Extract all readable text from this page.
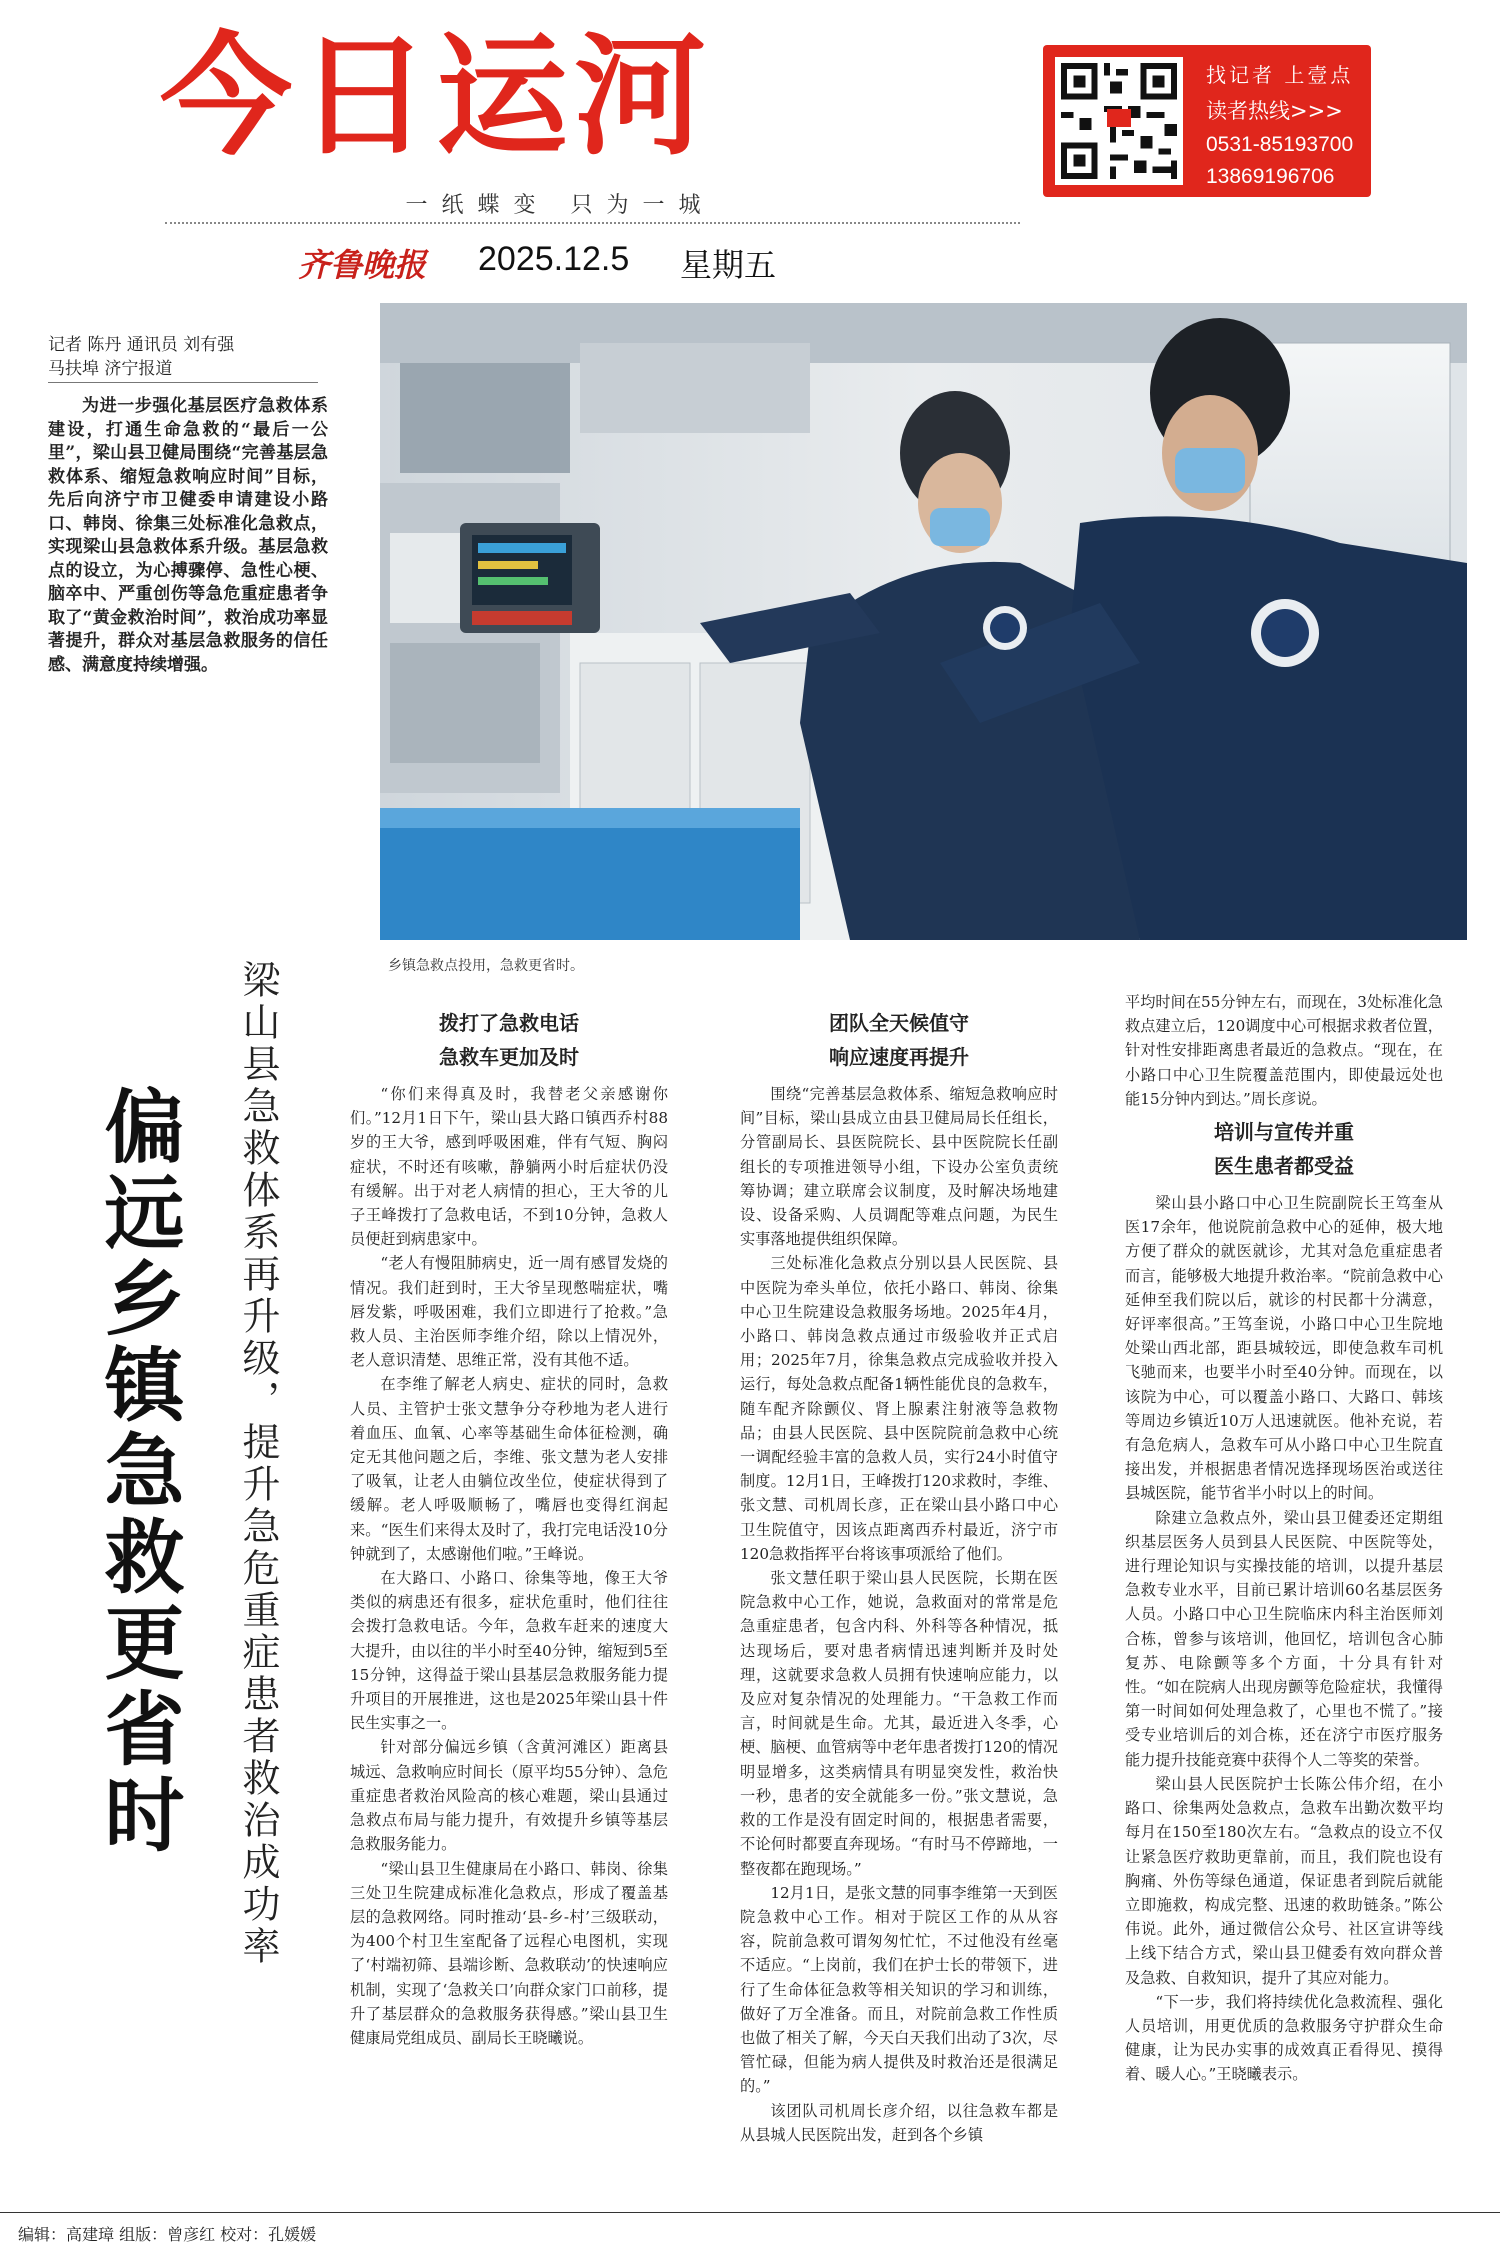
今日运河
一纸蝶变 只为一城
齐鲁晚报 2025.12.5 星期五
找记者 上壹点
读者热线>>>
0531-85193700
13869196706
记者 陈丹 通讯员 刘有强
马扶埠 济宁报道
为进一步强化基层医疗急救体系建设，打通生命急救的“最后一公里”，梁山县卫健局围绕“完善基层急救体系、缩短急救响应时间”目标，先后向济宁市卫健委申请建设小路口、韩岗、徐集三处标准化急救点，实现梁山县急救体系升级。基层急救点的设立，为心搏骤停、急性心梗、脑卒中、严重创伤等急危重症患者争取了“黄金救治时间”，救治成功率显著提升，群众对基层急救服务的信任感、满意度持续增强。
乡镇急救点投用，急救更省时。
梁山县急救体系再升级，提升急危重症患者救治成功率
偏远乡镇急救更省时
拨打了急救电话
急救车更加及时

“你们来得真及时，我替老父亲感谢你们。”12月1日下午，梁山县大路口镇西乔村88岁的王大爷，感到呼吸困难，伴有气短、胸闷症状，不时还有咳嗽，静躺两小时后症状仍没有缓解。出于对老人病情的担心，王大爷的儿子王峰拨打了急救电话，不到10分钟，急救人员便赶到病患家中。

“老人有慢阻肺病史，近一周有感冒发烧的情况。我们赶到时，王大爷呈现憋喘症状，嘴唇发紫，呼吸困难，我们立即进行了抢救。”急救人员、主治医师李维介绍，除以上情况外，老人意识清楚、思维正常，没有其他不适。

在李维了解老人病史、症状的同时，急救人员、主管护士张文慧争分夺秒地为老人进行着血压、血氧、心率等基础生命体征检测，确定无其他问题之后，李维、张文慧为老人安排了吸氧，让老人由躺位改坐位，使症状得到了缓解。老人呼吸顺畅了，嘴唇也变得红润起来。“医生们来得太及时了，我打完电话没10分钟就到了，太感谢他们啦。”王峰说。

在大路口、小路口、徐集等地，像王大爷类似的病患还有很多，症状危重时，他们往往会拨打急救电话。今年，急救车赶来的速度大大提升，由以往的半小时至40分钟，缩短到5至15分钟，这得益于梁山县基层急救服务能力提升项目的开展推进，这也是2025年梁山县十件民生实事之一。

针对部分偏远乡镇（含黄河滩区）距离县城远、急救响应时间长（原平均55分钟）、急危重症患者救治风险高的核心难题，梁山县通过急救点布局与能力提升，有效提升乡镇等基层急救服务能力。

“梁山县卫生健康局在小路口、韩岗、徐集三处卫生院建成标准化急救点，形成了覆盖基层的急救网络。同时推动‘县-乡-村’三级联动，为400个村卫生室配备了远程心电图机，实现了‘村端初筛、县端诊断、急救联动’的快速响应机制，实现了‘急救关口’向群众家门口前移，提升了基层群众的急救服务获得感。”梁山县卫生健康局党组成员、副局长王晓曦说。

团队全天候值守
响应速度再提升

围绕“完善基层急救体系、缩短急救响应时间”目标，梁山县成立由县卫健局局长任组长，分管副局长、县医院院长、县中医院院长任副组长的专项推进领导小组，下设办公室负责统筹协调；建立联席会议制度，及时解决场地建设、设备采购、人员调配等难点问题，为民生实事落地提供组织保障。

三处标准化急救点分别以县人民医院、县中医院为牵头单位，依托小路口、韩岗、徐集中心卫生院建设急救服务场地。2025年4月，小路口、韩岗急救点通过市级验收并正式启用；2025年7月，徐集急救点完成验收并投入运行，每处急救点配备1辆性能优良的急救车，随车配齐除颤仪、肾上腺素注射液等急救物品；由县人民医院、县中医院院前急救中心统一调配经验丰富的急救人员，实行24小时值守制度。12月1日，王峰拨打120求救时，李维、张文慧、司机周长彦，正在梁山县小路口中心卫生院值守，因该点距离西乔村最近，济宁市120急救指挥平台将该事项派给了他们。

张文慧任职于梁山县人民医院，长期在医院急救中心工作，她说，急救面对的常常是危急重症患者，包含内科、外科等各种情况，抵达现场后，要对患者病情迅速判断并及时处理，这就要求急救人员拥有快速响应能力，以及应对复杂情况的处理能力。“干急救工作而言，时间就是生命。尤其，最近进入冬季，心梗、脑梗、血管病等中老年患者拨打120的情况明显增多，这类病情具有明显突发性，救治快一秒，患者的安全就能多一份。”张文慧说，急救的工作是没有固定时间的，根据患者需要，不论何时都要直奔现场。“有时马不停蹄地，一整夜都在跑现场。”

12月1日，是张文慧的同事李维第一天到医院急救中心工作。相对于院区工作的从从容容，院前急救可谓匆匆忙忙，不过他没有丝毫不适应。“上岗前，我们在护士长的带领下，进行了生命体征急救等相关知识的学习和训练，做好了万全准备。而且，对院前急救工作性质也做了相关了解，今天白天我们出动了3次，尽管忙碌，但能为病人提供及时救治还是很满足的。”

该团队司机周长彦介绍，以往急救车都是从县城人民医院出发，赶到各个乡镇

平均时间在55分钟左右，而现在，3处标准化急救点建立后，120调度中心可根据求救者位置，针对性安排距离患者最近的急救点。“现在，在小路口中心卫生院覆盖范围内，即使最远处也能15分钟内到达。”周长彦说。

培训与宣传并重
医生患者都受益

梁山县小路口中心卫生院副院长王笃奎从医17余年，他说院前急救中心的延伸，极大地方便了群众的就医就诊，尤其对急危重症患者而言，能够极大地提升救治率。“院前急救中心延伸至我们院以后，就诊的村民都十分满意，好评率很高。”王笃奎说，小路口中心卫生院地处梁山西北部，距县城较远，即使急救车司机飞驰而来，也要半小时至40分钟。而现在，以该院为中心，可以覆盖小路口、大路口、韩垓等周边乡镇近10万人迅速就医。他补充说，若有急危病人，急救车可从小路口中心卫生院直接出发，并根据患者情况选择现场医治或送往县城医院，能节省半小时以上的时间。

除建立急救点外，梁山县卫健委还定期组织基层医务人员到县人民医院、中医院等处，进行理论知识与实操技能的培训，以提升基层急救专业水平，目前已累计培训60名基层医务人员。小路口中心卫生院临床内科主治医师刘合栋，曾参与该培训，他回忆，培训包含心肺复苏、电除颤等多个方面，十分具有针对性。“如在院病人出现房颤等危险症状，我懂得第一时间如何处理急救了，心里也不慌了。”接受专业培训后的刘合栋，还在济宁市医疗服务能力提升技能竞赛中获得个人二等奖的荣誉。

梁山县人民医院护士长陈公伟介绍，在小路口、徐集两处急救点，急救车出勤次数平均每月在150至180次左右。“急救点的设立不仅让紧急医疗救助更靠前，而且，我们院也设有胸痛、外伤等绿色通道，保证患者到院后就能立即施救，构成完整、迅速的救助链条。”陈公伟说。此外，通过微信公众号、社区宣讲等线上线下结合方式，梁山县卫健委有效向群众普及急救、自救知识，提升了其应对能力。

“下一步，我们将持续优化急救流程、强化人员培训，用更优质的急救服务守护群众生命健康，让为民办实事的成效真正看得见、摸得着、暖人心。”王晓曦表示。

编辑：高建璋 组版：曾彦红 校对：孔媛媛
